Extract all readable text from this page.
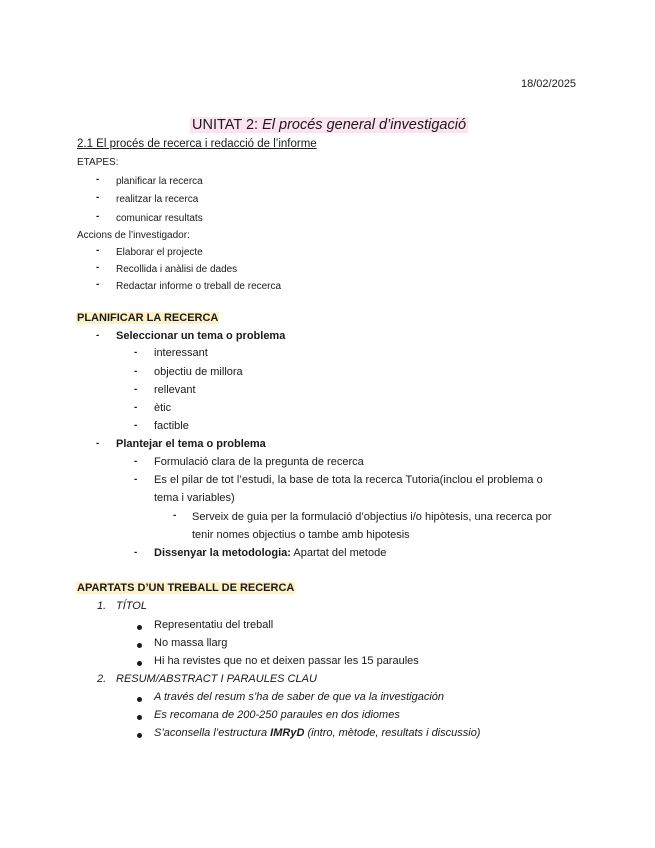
18/02/2025
UNITAT 2: El procés general d’investigació
2.1 El procés de recerca i redacció de l’informe
ETAPES:
- planificar la recerca
- realitzar la recerca
- comunicar resultats
Accions de l’investigador:
- Elaborar el projecte
- Recollida i anàlisi de dades
- Redactar informe o treball de recerca
PLANIFICAR LA RECERCA
- Seleccionar un tema o problema
- interessant
- objectiu de millora
- rellevant
- ètic
- factible
- Plantejar el tema o problema
- Formulació clara de la pregunta de recerca
- Es el pilar de tot l’estudi, la base de tota la recerca Tutoria(inclou el problema o
tema i variables)
- Serveix de guia per la formulació d’objectius i/o hipòtesis, una recerca por
tenir nomes objectius o tambe amb hipotesis
- Dissenyar la metodologia: Apartat del metode
APARTATS D’UN TREBALL DE RECERCA
1. TÍTOL
Representatiu del treball
No massa llarg
Hi ha revistes que no et deixen passar les 15 paraules
2. RESUM/ABSTRACT I PARAULES CLAU
A través del resum s’ha de saber de que va la investigación
Es recomana de 200-250 paraules en dos idiomes
S’aconsella l’estructura IMRyD (intro, mètode, resultats i discussio)
